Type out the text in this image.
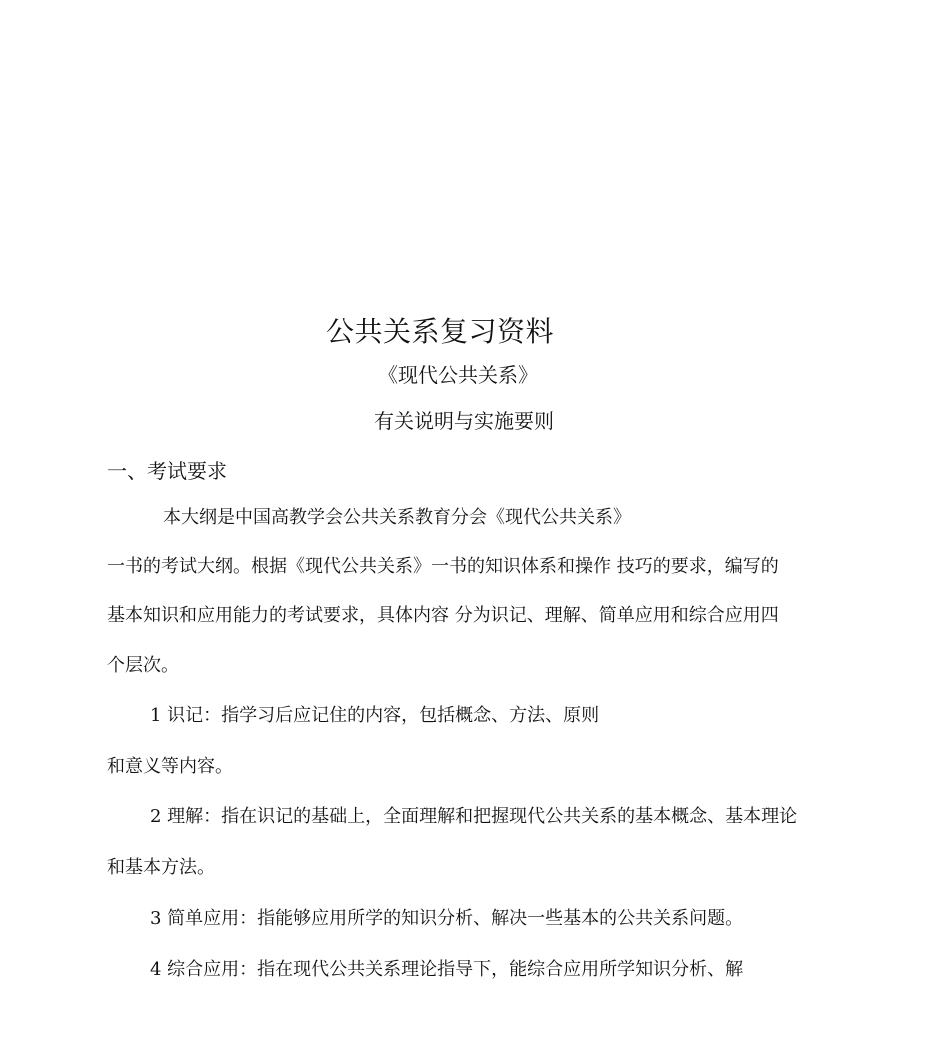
公共关系复习资料
《现代公共关系》
有关说明与实施要则
一、考试要求
本大纲是中国高教学会公共关系教育分会《现代公共关系》
一书的考试大纲。根据《现代公共关系》一书的知识体系和操作 技巧的要求，编写的
基本知识和应用能力的考试要求，具体内容 分为识记、理解、简单应用和综合应用四
个层次。
1 识记：指学习后应记住的内容，包括概念、方法、原则
和意义等内容。
2 理解：指在识记的基础上，全面理解和把握现代公共关系的基本概念、基本理论
和基本方法。
3 简单应用：指能够应用所学的知识分析、解决一些基本的公共关系问题。
4 综合应用：指在现代公共关系理论指导下，能综合应用所学知识分析、解
